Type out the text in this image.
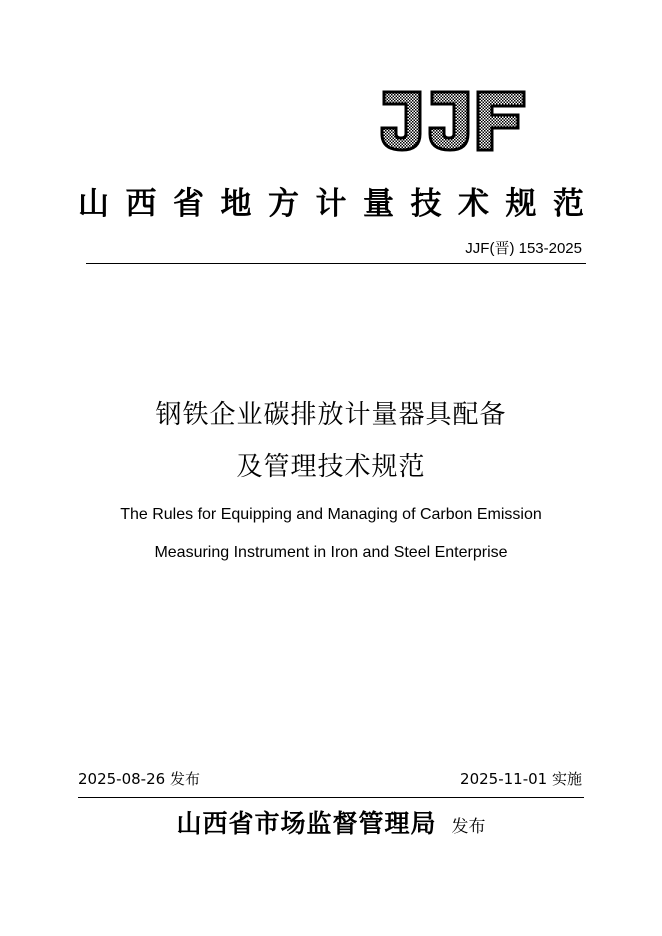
山 西 省 地 方 计 量 技 术 规 范
JJF(晋) 153-2025
钢铁企业碳排放计量器具配备
及管理技术规范
The Rules for Equipping and Managing of Carbon Emission
Measuring Instrument in Iron and Steel Enterprise
2025-08-26 发布	2025-11-01 实施
山西省市场监督管理局 发布
